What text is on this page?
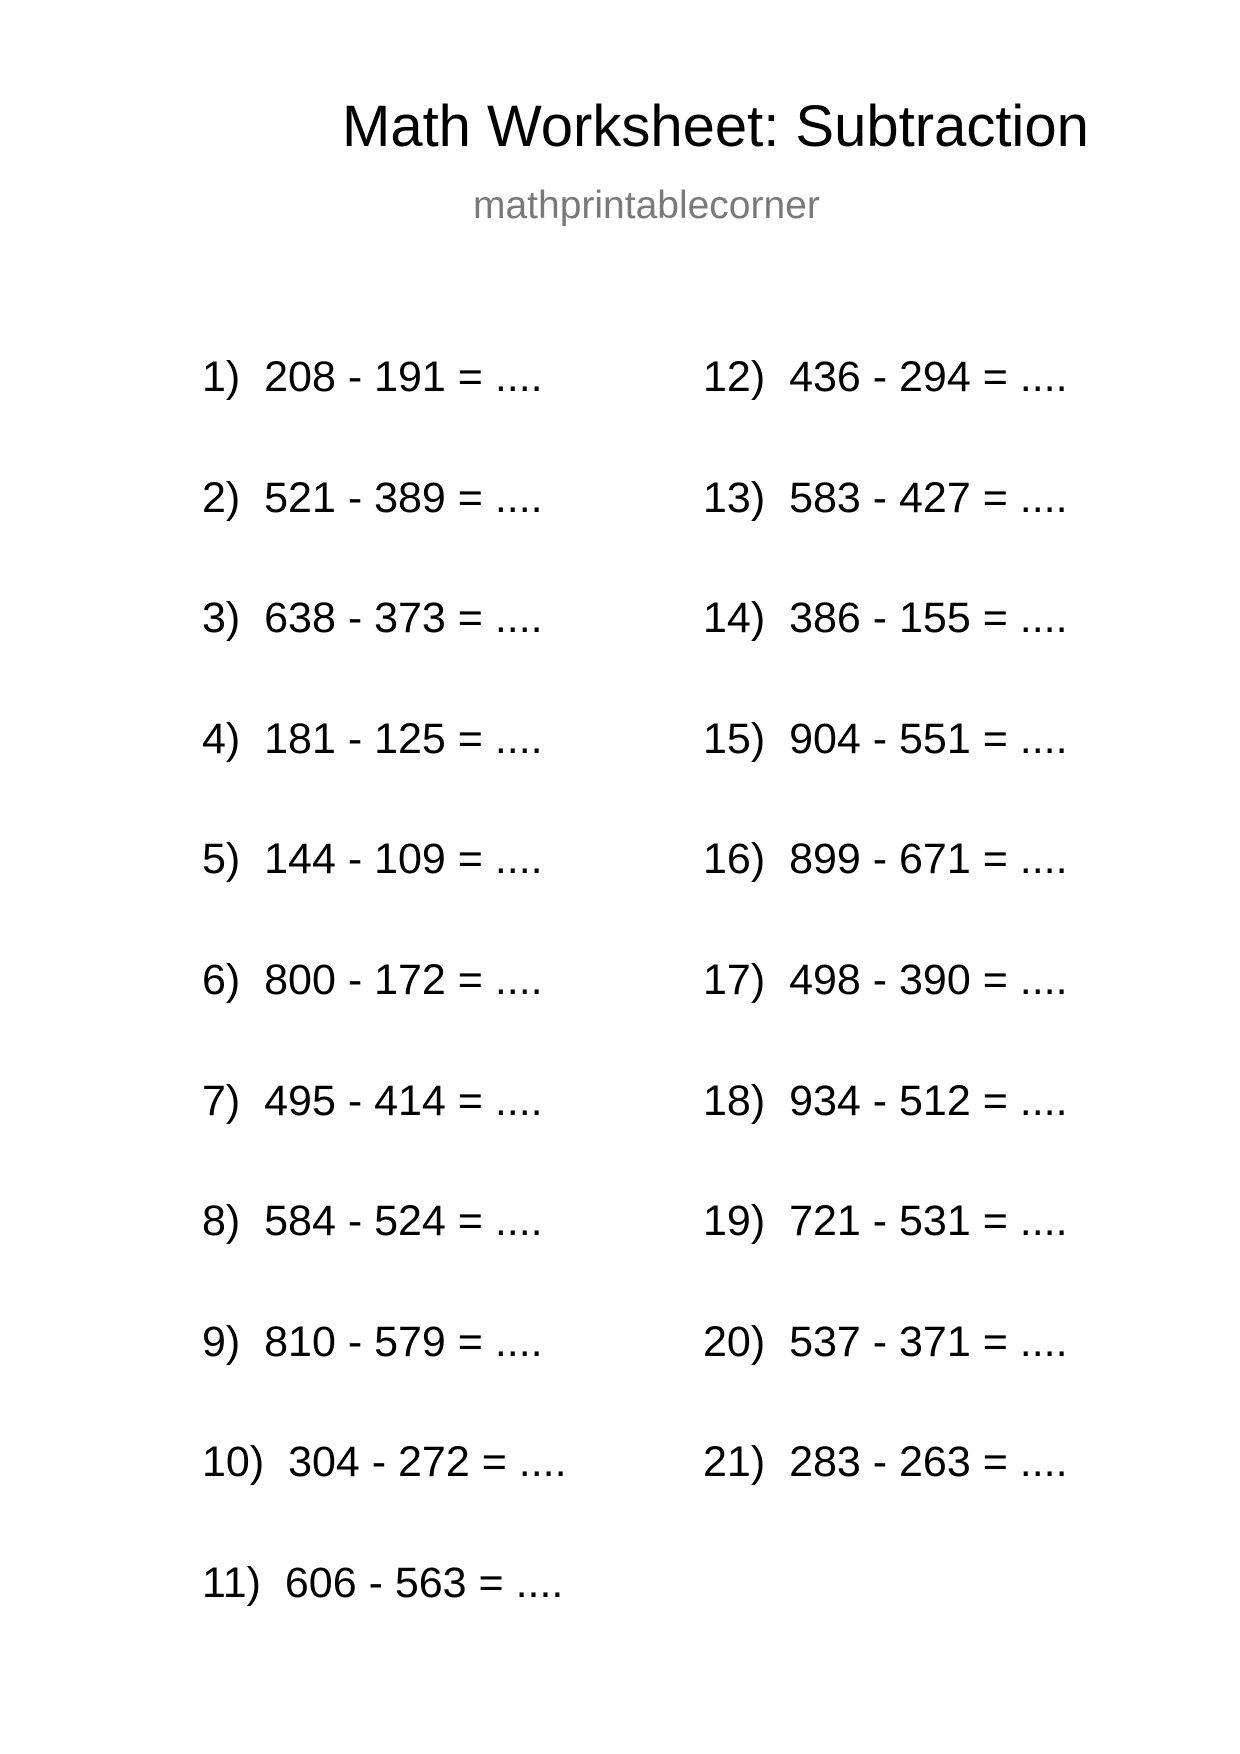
Math Worksheet: Subtraction
mathprintablecorner
1) 208 - 191 = ....
2) 521 - 389 = ....
3) 638 - 373 = ....
4) 181 - 125 = ....
5) 144 - 109 = ....
6) 800 - 172 = ....
7) 495 - 414 = ....
8) 584 - 524 = ....
9) 810 - 579 = ....
10) 304 - 272 = ....
11) 606 - 563 = ....
12) 436 - 294 = ....
13) 583 - 427 = ....
14) 386 - 155 = ....
15) 904 - 551 = ....
16) 899 - 671 = ....
17) 498 - 390 = ....
18) 934 - 512 = ....
19) 721 - 531 = ....
20) 537 - 371 = ....
21) 283 - 263 = ....
